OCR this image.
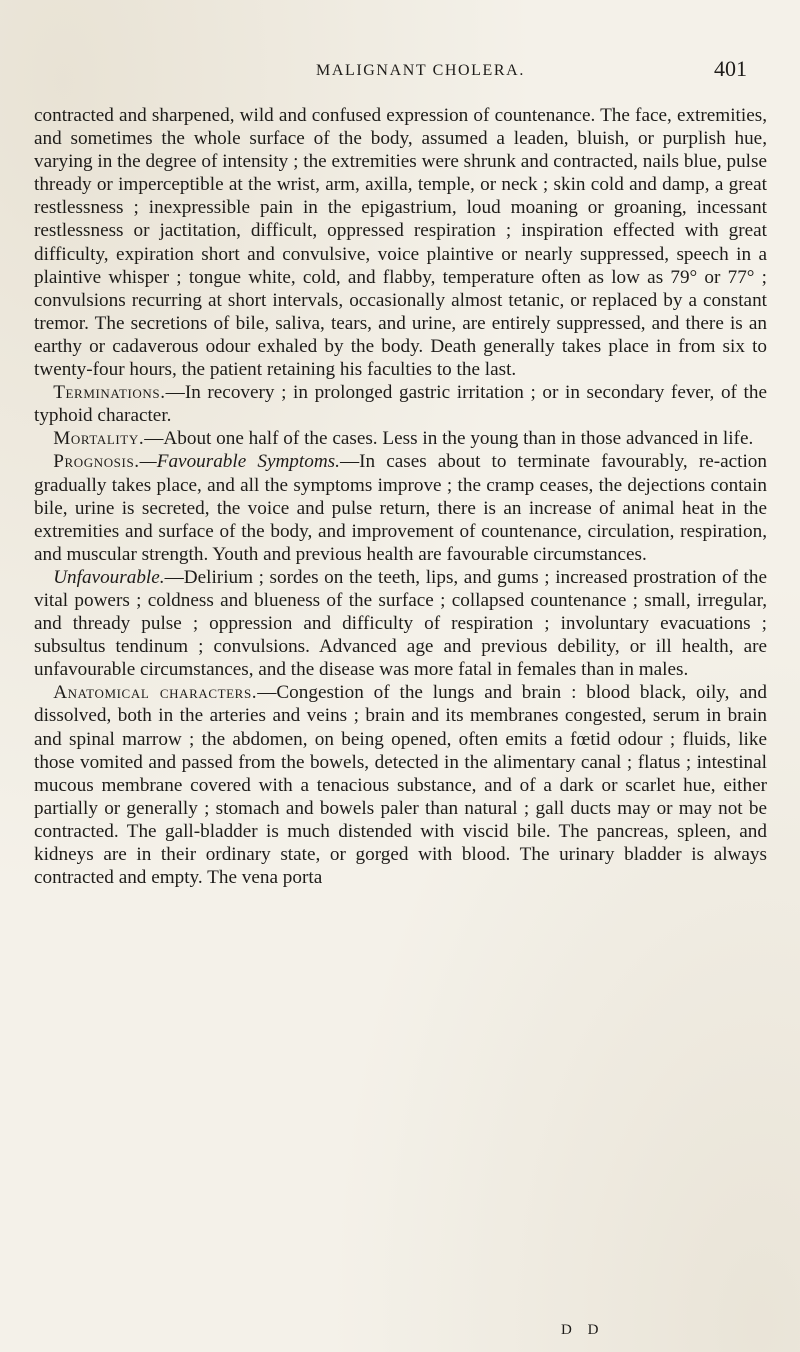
MALIGNANT CHOLERA.	401

contracted and sharpened, wild and confused expression of countenance. The face, extremities, and sometimes the whole surface of the body, assumed a leaden, bluish, or purplish hue, varying in the degree of intensity ; the extremities were shrunk and contracted, nails blue, pulse thready or imperceptible at the wrist, arm, axilla, temple, or neck ; skin cold and damp, a great restlessness ; inexpressible pain in the epigastrium, loud moaning or groaning, incessant restlessness or jactitation, difficult, oppressed respiration ; inspiration effected with great difficulty, expiration short and convulsive, voice plaintive or nearly suppressed, speech in a plaintive whisper ; tongue white, cold, and flabby, temperature often as low as 79° or 77° ; convulsions recurring at short intervals, occasionally almost tetanic, or replaced by a constant tremor. The secretions of bile, saliva, tears, and urine, are entirely suppressed, and there is an earthy or cadaverous odour exhaled by the body. Death generally takes place in from six to twenty-four hours, the patient retaining his faculties to the last.

 Terminations.—In recovery ; in prolonged gastric irritation ; or in secondary fever, of the typhoid character.

 Mortality.—About one half of the cases. Less in the young than in those advanced in life.

 Prognosis.—Favourable Symptoms.—In cases about to terminate favourably, re-action gradually takes place, and all the symptoms improve ; the cramp ceases, the dejections contain bile, urine is secreted, the voice and pulse return, there is an increase of animal heat in the extremities and surface of the body, and improvement of countenance, circulation, respiration, and muscular strength. Youth and previous health are favourable circumstances.

 Unfavourable.—Delirium ; sordes on the teeth, lips, and gums ; increased prostration of the vital powers ; coldness and blueness of the surface ; collapsed countenance ; small, irregular, and thready pulse ; oppression and difficulty of respiration ; involuntary evacuations ; subsultus tendinum ; convulsions. Advanced age and previous debility, or ill health, are unfavourable circumstances, and the disease was more fatal in females than in males.

 Anatomical characters.—Congestion of the lungs and brain : blood black, oily, and dissolved, both in the arteries and veins ; brain and its membranes congested, serum in brain and spinal marrow ; the abdomen, on being opened, often emits a fœtid odour ; fluids, like those vomited and passed from the bowels, detected in the alimentary canal ; flatus ; intestinal mucous membrane covered with a tenacious substance, and of a dark or scarlet hue, either partially or generally ; stomach and bowels paler than natural ; gall ducts may or may not be contracted. The gall-bladder is much distended with viscid bile. The pancreas, spleen, and kidneys are in their ordinary state, or gorged with blood. The urinary bladder is always contracted and empty. The vena porta

D D
